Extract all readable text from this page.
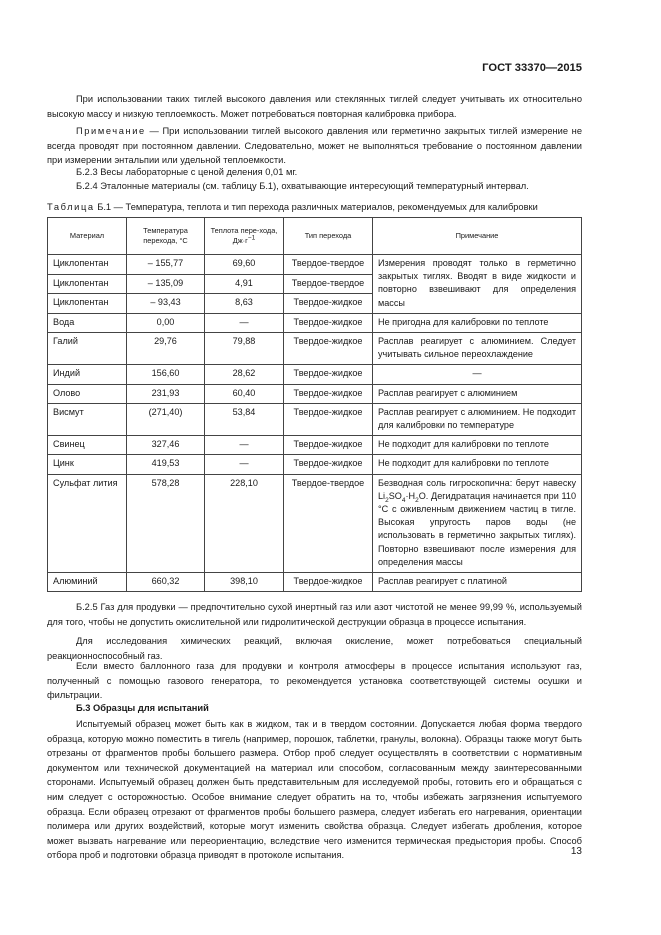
ГОСТ 33370—2015

При использовании таких тиглей высокого давления или стеклянных тиглей следует учитывать их относительно высокую массу и низкую теплоемкость. Может потребоваться повторная калибровка прибора.

Примечание — При использовании тиглей высокого давления или герметично закрытых тиглей измерение не всегда проводят при постоянном давлении. Следовательно, может не выполняться требование о постоянном давлении при измерении энтальпии или удельной теплоемкости.

Б.2.3 Весы лабораторные с ценой деления 0,01 мг.

Б.2.4 Эталонные материалы (см. таблицу Б.1), охватывающие интересующий температурный интервал.

Таблица Б.1 — Температура, теплота и тип перехода различных материалов, рекомендуемых для калибровки
Материал	Температура перехода, °С	Теплота пере-хода, $Дж\cdot г^{-1}$	Тип перехода	Примечание
Циклопентан	– 155,77	69,60	Твердое-твердое	Измерения проводят только в герметично закрытых тиглях. Вводят в виде жидкости и повторно взвешивают для определения массы
Циклопентан	– 135,09	4,91	Твердое-твердое	
Циклопентан	– 93,43	8,63	Твердое-жидкое	
Вода	0,00	—	Твердое-жидкое	Не пригодна для калибровки по теплоте
Галий	29,76	79,88	Твердое-жидкое	Расплав реагирует с алюминием. Следует учитывать сильное переохлаждение
Индий	156,60	28,62	Твердое-жидкое	—
Олово	231,93	60,40	Твердое-жидкое	Расплав реагирует с алюминием
Висмут	(271,40)	53,84	Твердое-жидкое	Расплав реагирует с алюминием. Не подходит для калибровки по температуре
Свинец	327,46	—	Твердое-жидкое	Не подходит для калибровки по теплоте
Цинк	419,53	—	Твердое-жидкое	Не подходит для калибровки по теплоте
Сульфат лития	578,28	228,10	Твердое-твердое	Безводная соль гигроскопична: берут навеску $Li_2SO_4\cdot H_2O$. Дегидратация начинается при 110 °С с оживленным движением частиц в тигле. Высокая упругость паров воды (не использовать в герметично закрытых тиглях). Повторно взвешивают после измерения для определения массы
Алюминий	660,32	398,10	Твердое-жидкое	Расплав реагирует с платиной

Б.2.5 Газ для продувки — предпочтительно сухой инертный газ или азот чистотой не менее 99,99 %, используемый для того, чтобы не допустить окислительной или гидролитической деструкции образца в процессе испытания.

Для исследования химических реакций, включая окисление, может потребоваться специальный реакционноспособный газ.

Если вместо баллонного газа для продувки и контроля атмосферы в процессе испытания используют газ, полученный с помощью газового генератора, то рекомендуется установка соответствующей системы осушки и фильтрации.

Б.3 Образцы для испытаний

Испытуемый образец может быть как в жидком, так и в твердом состоянии. Допускается любая форма твердого образца, которую можно поместить в тигель (например, порошок, таблетки, гранулы, волокна). Образцы также могут быть отрезаны от фрагментов пробы большего размера. Отбор проб следует осуществлять в соответствии с нормативным документом или технической документацией на материал или способом, согласованным между заинтересованными сторонами. Испытуемый образец должен быть представительным для исследуемой пробы, готовить его и обращаться с ним следует с осторожностью. Особое внимание следует обратить на то, чтобы избежать загрязнения испытуемого образца. Если образец отрезают от фрагментов пробы большего размера, следует избегать его нагревания, ориентации полимера или других воздействий, которые могут изменить свойства образца. Следует избегать дробления, которое может вызвать нагревание или переориентацию, вследствие чего изменится термическая предыстория пробы. Способ отбора проб и подготовки образца приводят в протоколе испытания.	13
